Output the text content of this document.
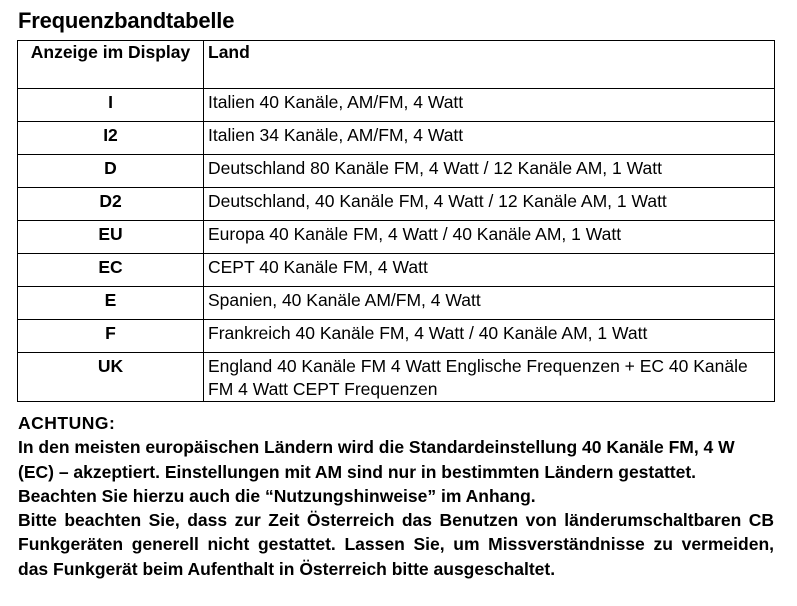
Frequenzbandtabelle
Anzeige im Display	Land
I	Italien 40 Kanäle, AM/FM, 4 Watt
I2	Italien 34 Kanäle, AM/FM, 4 Watt
D	Deutschland 80 Kanäle FM, 4 Watt / 12 Kanäle AM, 1 Watt
D2	Deutschland, 40 Kanäle FM, 4 Watt / 12 Kanäle AM, 1 Watt
EU	Europa 40 Kanäle FM, 4 Watt / 40 Kanäle AM, 1 Watt
EC	CEPT 40 Kanäle FM, 4 Watt
E	Spanien, 40 Kanäle AM/FM, 4 Watt
F	Frankreich 40 Kanäle FM, 4 Watt / 40 Kanäle AM, 1 Watt
UK	England 40 Kanäle FM 4 Watt Englische Frequenzen + EC 40 Kanäle FM 4 Watt CEPT Frequenzen

ACHTUNG:

In den meisten europäischen Ländern wird die Standardeinstellung 40 Kanäle FM, 4 W (EC) – akzeptiert. Einstellungen mit AM sind nur in bestimmten Ländern gestattet. Beachten Sie hierzu auch die “Nutzungshinweise” im Anhang.

Bitte beachten Sie, dass zur Zeit Österreich das Benutzen von länderumschaltbaren CB Funkgeräten generell nicht gestattet. Lassen Sie, um Missverständnisse zu vermeiden, das Funkgerät beim Aufenthalt in Österreich bitte ausgeschaltet.
